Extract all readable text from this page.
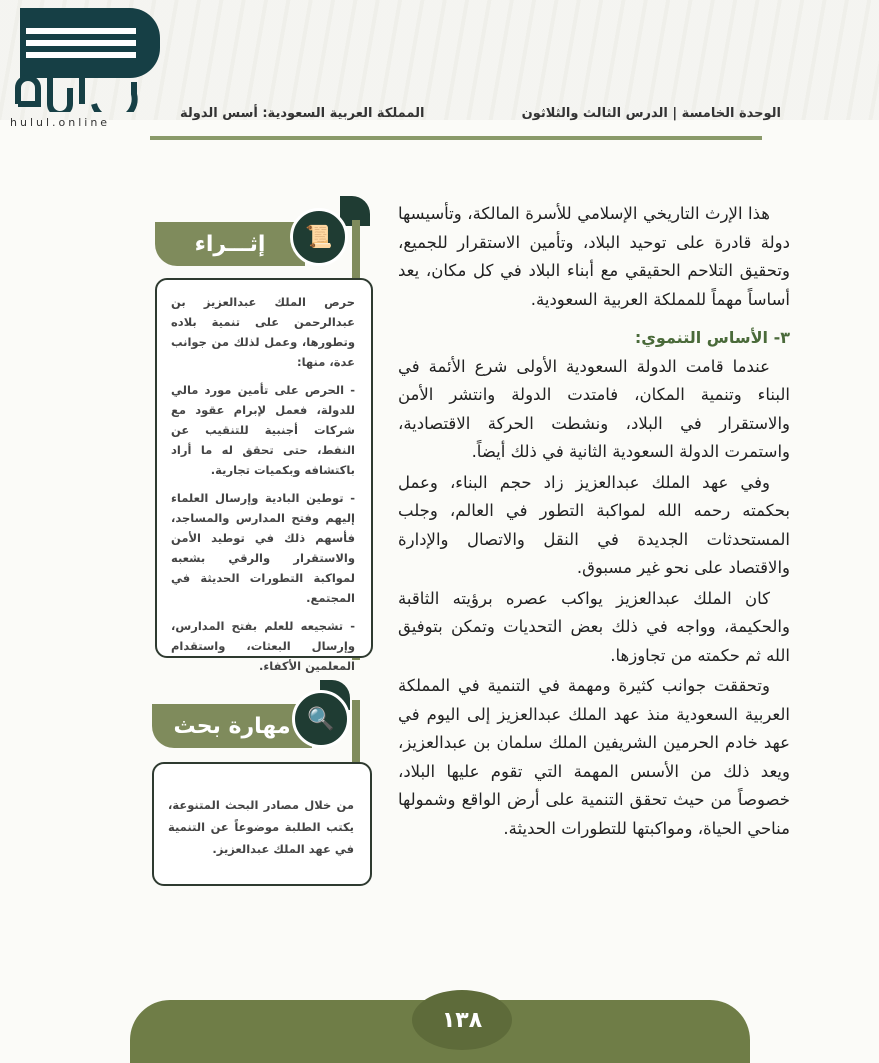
hulul.online
المملكة العربية السعودية: أسس الدولة	الوحدة الخامسة | الدرس الثالث والثلاثون

هذا الإرث التاريخي الإسلامي للأسرة المالكة، وتأسيسها دولة قادرة على توحيد البلاد، وتأمين الاستقرار للجميع، وتحقيق التلاحم الحقيقي مع أبناء البلاد في كل مكان، يعد أساساً مهماً للمملكة العربية السعودية.

٣- الأساس التنموي:

عندما قامت الدولة السعودية الأولى شرع الأئمة في البناء وتنمية المكان، فامتدت الدولة وانتشر الأمن والاستقرار في البلاد، ونشطت الحركة الاقتصادية، واستمرت الدولة السعودية الثانية في ذلك أيضاً.

وفي عهد الملك عبدالعزيز زاد حجم البناء، وعمل بحكمته رحمه الله لمواكبة التطور في العالم، وجلب المستحدثات الجديدة في النقل والاتصال والإدارة والاقتصاد على نحو غير مسبوق.

كان الملك عبدالعزيز يواكب عصره برؤيته الثاقبة والحكيمة، وواجه في ذلك بعض التحديات وتمكن بتوفيق الله ثم حكمته من تجاوزها.

وتحققت جوانب كثيرة ومهمة في التنمية في المملكة العربية السعودية منذ عهد الملك عبدالعزيز إلى اليوم في عهد خادم الحرمين الشريفين الملك سلمان بن عبدالعزيز، ويعد ذلك من الأسس المهمة التي تقوم عليها البلاد، خصوصاً من حيث تحقق التنمية على أرض الواقع وشمولها مناحي الحياة، ومواكبتها للتطورات الحديثة.

إثـــراء	📜

حرص الملك عبدالعزيز بن عبدالرحمن على تنمية بلاده وتطورها، وعمل لذلك من جوانب عدة، منها:

- الحرص على تأمين مورد مالي للدولة، فعمل لإبرام عقود مع شركات أجنبية للتنقيب عن النفط، حتى تحقق له ما أراد باكتشافه وبكميات تجارية.

- توطين البادية وإرسال العلماء إليهم وفتح المدارس والمساجد، فأسهم ذلك في توطيد الأمن والاستقرار والرقي بشعبه لمواكبة التطورات الحديثة في المجتمع.

- تشجيعه للعلم بفتح المدارس، وإرسال البعثات، واستقدام المعلمين الأكفاء.

مهارة بحث 🔍

من خلال مصادر البحث المتنوعة، يكتب الطلبة موضوعاً عن التنمية في عهد الملك عبدالعزيز.

١٣٨
